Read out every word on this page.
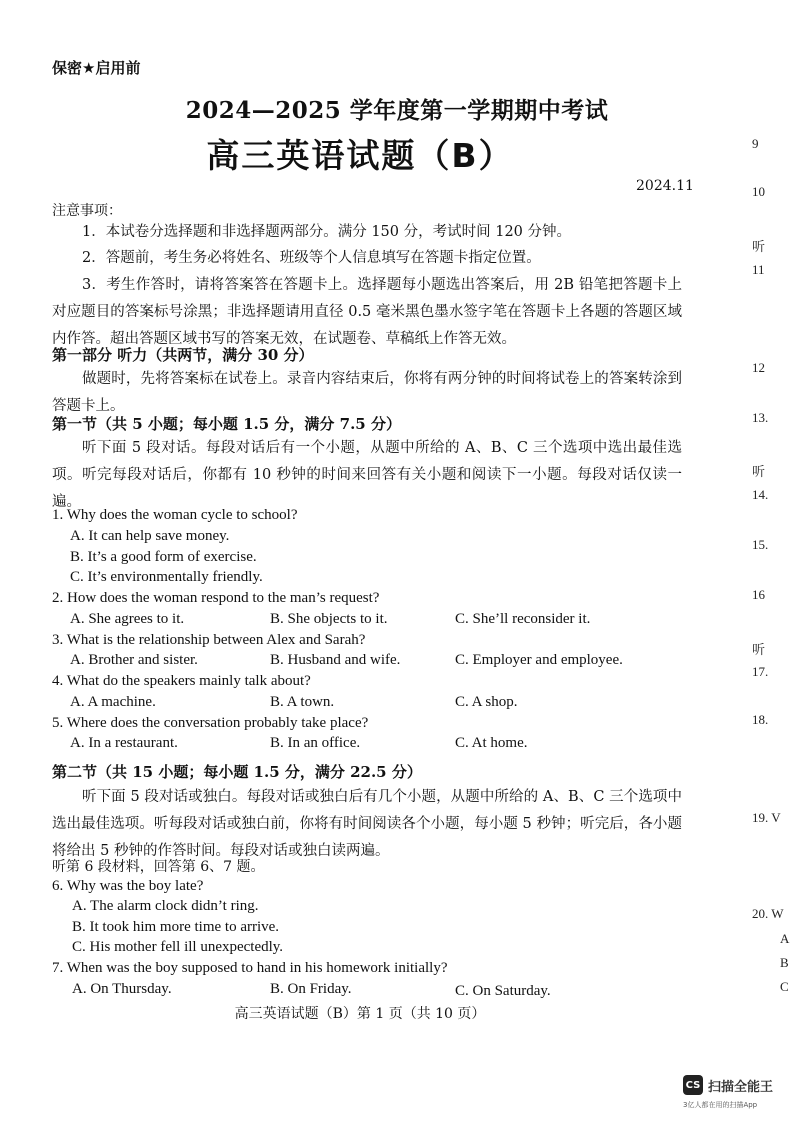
保密★启用前
2024—2025 学年度第一学期期中考试
高三英语试题（B）
2024.11
注意事项：
1．本试卷分选择题和非选择题两部分。满分 150 分，考试时间 120 分钟。
2．答题前，考生务必将姓名、班级等个人信息填写在答题卡指定位置。
3．考生作答时，请将答案答在答题卡上。选择题每小题选出答案后，用 2B 铅笔把答题卡上对应题目的答案标号涂黑；非选择题请用直径 0.5 毫米黑色墨水签字笔在答题卡上各题的答题区域内作答。超出答题区域书写的答案无效，在试题卷、草稿纸上作答无效。
第一部分 听力（共两节，满分 30 分）
做题时，先将答案标在试卷上。录音内容结束后，你将有两分钟的时间将试卷上的答案转涂到答题卡上。
第一节（共 5 小题；每小题 1.5 分，满分 7.5 分）
听下面 5 段对话。每段对话后有一个小题，从题中所给的 A、B、C 三个选项中选出最佳选项。听完每段对话后，你都有 10 秒钟的时间来回答有关小题和阅读下一小题。每段对话仅读一遍。
1. Why does the woman cycle to school?
A. It can help save money.
B. It’s a good form of exercise.
C. It’s environmentally friendly.
2. How does the woman respond to the man’s request?
A. She agrees to it.	B. She objects to it.	C. She’ll reconsider it.
3. What is the relationship between Alex and Sarah?
A. Brother and sister.	B. Husband and wife.	C. Employer and employee.
4. What do the speakers mainly talk about?
A. A machine.	B. A town.	C. A shop.
5. Where does the conversation probably take place?
A. In a restaurant.	B. In an office.	C. At home.
第二节（共 15 小题；每小题 1.5 分，满分 22.5 分）
听下面 5 段对话或独白。每段对话或独白后有几个小题，从题中所给的 A、B、C 三个选项中选出最佳选项。听每段对话或独白前，你将有时间阅读各个小题，每小题 5 秒钟；听完后，各小题将给出 5 秒钟的作答时间。每段对话或独白读两遍。
听第 6 段材料，回答第 6、7 题。
6. Why was the boy late?
A. The alarm clock didn’t ring.
B. It took him more time to arrive.
C. His mother fell ill unexpectedly.
7. When was the boy supposed to hand in his homework initially?
A. On Thursday.	B. On Friday.	C. On Saturday.
高三英语试题（B）第 1 页（共 10 页）
9
10
听
11
12
13.
听
14.
15.
16
听
17.
18.
19. V
20. W
A
B
C
CS 扫描全能王
3亿人都在用的扫描App
